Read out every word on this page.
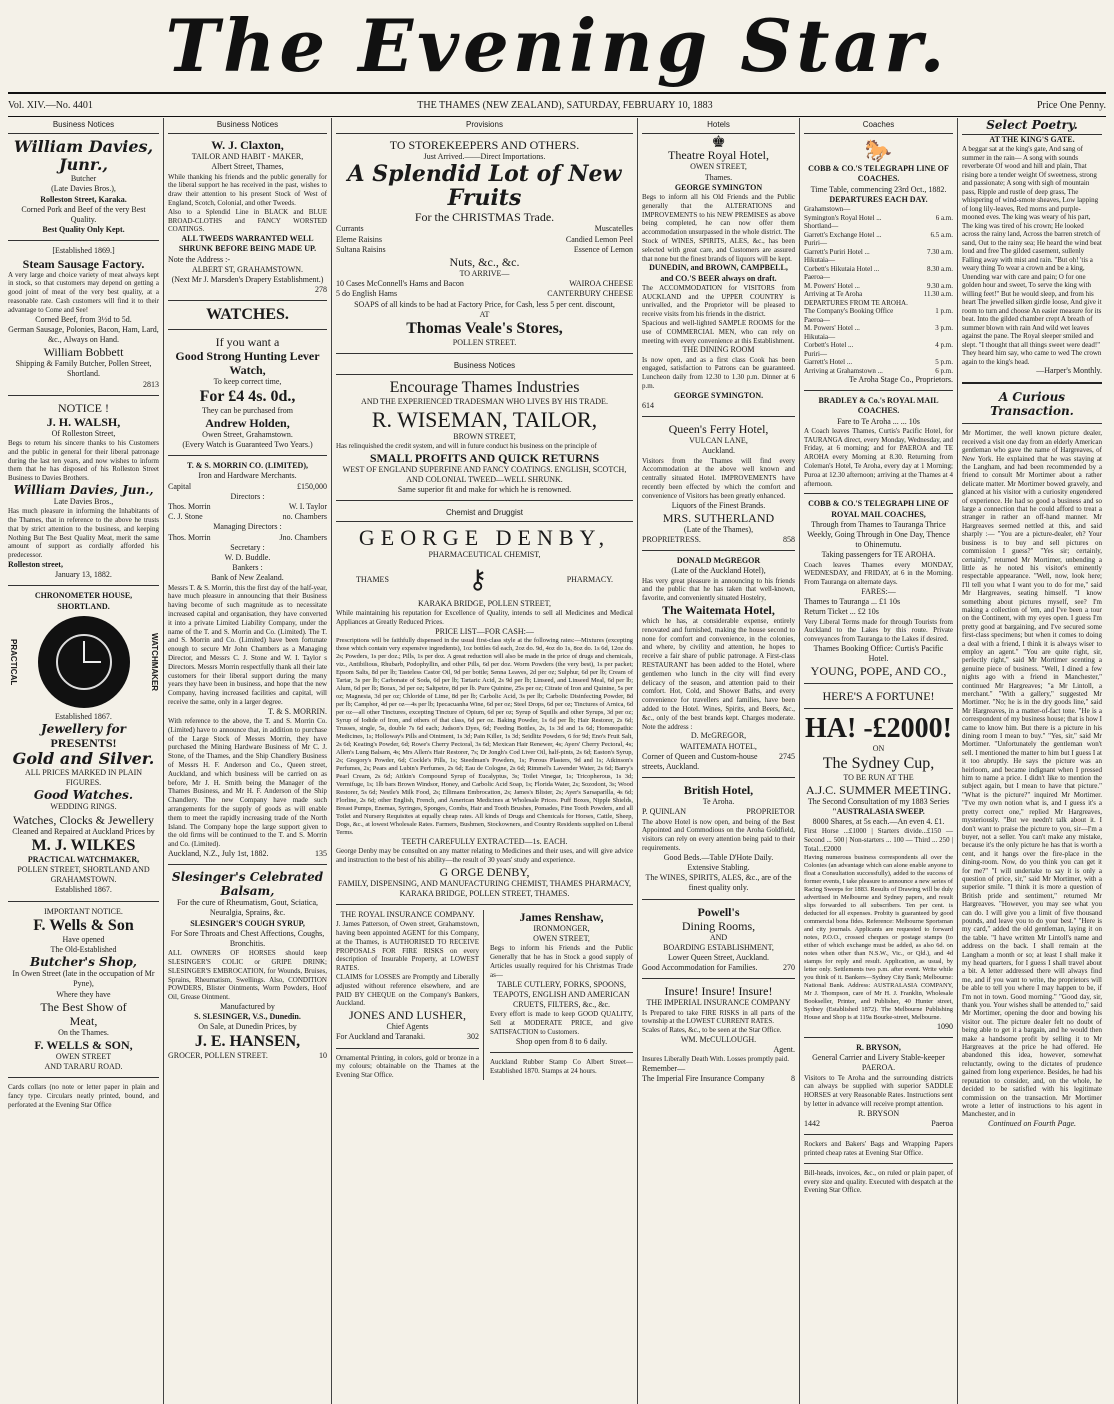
The Evening Star.
Vol. XIV.—No. 4401	THE THAMES (NEW ZEALAND), SATURDAY, FEBRUARY 10, 1883	Price One Penny.
Business Notices
William Davies, Junr.,
Butcher
(Late Davies Bros.),
Rolleston Street, Karaka.
Corned Pork and Beef of the very Best Quality.
Best Quality Only Kept.
[Established 1869.]
Steam Sausage Factory.
A very large and choice variety of meat always kept in stock, so that customers may depend on getting a good joint of meat of the very best quality, at a reasonable rate. Cash customers will find it to their advantage to Come and See!
Corned Beef, from 3½d to 5d.
German Sausage, Polonies, Bacon, Ham, Lard, &c., Always on Hand.
William Bobbett
Shipping & Family Butcher, Pollen Street, Shortland.
2813
NOTICE !
J. H. WALSH,
Of Rolleston Street,
Begs to return his sincere thanks to his Customers and the public in general for their liberal patronage during the last ten years, and now wishes to inform them that he has disposed of his Rolleston Street Business to Davies Brothers.
William Davies, Jun.,
Late Davies Bros.,
Has much pleasure in informing the Inhabitants of the Thames, that in reference to the above he trusts that by strict attention to the business, and keeping Nothing But The Best Quality Meat, merit the same amount of support as cordially afforded his predecessor.
Rolleston street,
January 13, 1882.
CHRONOMETER HOUSE,
SHORTLAND.
PRACTICAL	WATCHMAKER
Established 1867.
Jewellery for
PRESENTS!
Gold and Silver.
ALL PRICES MARKED IN PLAIN FIGURES.
Good Watches.
WEDDING RINGS.
Watches, Clocks & Jewellery
Cleaned and Repaired at Auckland Prices by
M. J. WILKES
PRACTICAL WATCHMAKER,
POLLEN STREET, SHORTLAND AND GRAHAMSTOWN.
Established 1867.
IMPORTANT NOTICE.
F. Wells & Son
Have opened
The Old-Established
Butcher's Shop,
In Owen Street (late in the occupation of Mr Pyne),
Where they have
The Best Show of
Meat,
On the Thames.
F. WELLS & SON,
OWEN STREET
AND TARARU ROAD.
Cards collars (no note or letter paper in plain and fancy type. Circulars neatly printed, bound, and perforated at the Evening Star Office
Business Notices
W. J. Claxton,
TAILOR AND HABIT - MAKER,
Albert Street, Thames,
While thanking his friends and the public generally for the liberal support he has received in the past, wishes to draw their attention to his present Stock of West of England, Scotch, Colonial, and other Tweeds.
Also to a Splendid Line in BLACK and BLUE BROAD-CLOTHS and FANCY WORSTED COATINGS.
ALL TWEEDS WARRANTED WELL SHRUNK BEFORE BEING MADE UP.
Note the Address :-
ALBERT ST, GRAHAMSTOWN.
(Next Mr J. Marsden's Drapery Establishment.)
278
WATCHES.
If you want a
Good Strong Hunting Lever Watch,
To keep correct time,
For £4 4s. 0d.,
They can be purchased from
Andrew Holden,
Owen Street, Grahamstown.
(Every Watch is Guaranteed Two Years.)
T. & S. MORRIN CO. (LIMITED),
Iron and Hardware Merchants.
Capital	£150,000
Directors :
Thos. Morrin	W. I. Taylor
C. J. Stone	no. Chambers
Managing Directors :
Thos. Morrin	Jno. Chambers
Secretary :
W. D. Buddle.
Bankers :
Bank of New Zealand.
Messrs T. & S. Morrin, this the first day of the half-year, have much pleasure in announcing that their Business having become of such magnitude as to necessitate increased capital and organisation, they have converted it into a private Limited Liability Company, under the name of the T. and S. Morrin and Co. (Limited). The T. and S. Morrin and Co. (Limited) have been fortunate enough to secure Mr John Chambers as a Managing Director, and Messrs C. J. Stone and W. I. Taylor s Directors. Messrs Morrin respectfully thank all their late customers for their liberal support during the many years they have been in business, and hope that the new Company, having increased facilities and capital, will receive the same, only in a larger degree.
T. & S. MORRIN.
With reference to the above, the T. and S. Morrin Co. (Limited) have to announce that, in addition to purchase of the Large Stock of Messrs Morrin, they have purchased the Mining Hardware Business of Mr C. J. Stone, of the Thames, and the Ship Chandlery Business of Messrs H. F. Anderson and Co., Queen street, Auckland, and which business will be carried on as before, Mr J. H. Smith being the Manager of the Thames Business, and Mr H. F. Anderson of the Ship Chandlery. The new Company have made such arrangements for the supply of goods as will enable them to meet the rapidly increasing trade of the North Island. The Company hope the large support given to the old firms will be continued to the T. and S. Morrin and Co. (Limited).
Auckland, N.Z., July 1st, 1882.	135
Slesinger's Celebrated Balsam,
For the cure of Rheumatism, Gout, Sciatica, Neuralgia, Sprains, &c.
SLESINGER'S COUGH SYRUP,
For Sore Throats and Chest Affections, Coughs, Bronchitis.
ALL OWNERS OF HORSES should keep SLESINGER'S COLIC or GRIPE DRINK; SLESINGER'S EMBROCATION, for Wounds, Bruises, Sprains, Rheumatism, Swellings. Also, CONDITION POWDERS, Blister Ointments, Worm Powders, Hoof Oil, Grease Ointment.
Manufactured by
S. SLESINGER, V.S., Dunedin.
On Sale, at Dunedin Prices, by
J. E. HANSEN,
GROCER, POLLEN STREET.	10
Provisions
TO STOREKEEPERS AND OTHERS.
Just Arrived.——Direct Importations.
A Splendid Lot of New Fruits
For the CHRISTMAS Trade.
Currants	Muscatelles
Eleme Raisins	Candied Lemon Peel
Sultana Raisins	Essence of Lemon
Nuts, &c., &c.
TO ARRIVE—
10 Cases McConnell's Hams and Bacon	WAIROA CHEESE
5 do English Hams	CANTERBURY CHEESE
SOAPS of all kinds to be had at Factory Price, for Cash, less 5 per cent. discount,
AT
Thomas Veale's Stores,
POLLEN STREET.
Business Notices
Encourage Thames Industries
AND THE EXPERIENCED TRADESMAN WHO LIVES BY HIS TRADE.
R. WISEMAN, TAILOR,
BROWN STREET,
Has relinquished the credit system, and will in future conduct his business on the principle of
SMALL PROFITS AND QUICK RETURNS
WEST OF ENGLAND SUPERFINE AND FANCY COATINGS. ENGLISH, SCOTCH, AND COLONIAL TWEED—WELL SHRUNK.
Same superior fit and make for which he is renowned.
Chemist and Druggist
GEORGE DENBY,
PHARMACEUTICAL CHEMIST,
THAMES	⚷	PHARMACY.
KARAKA BRIDGE, POLLEN STREET,
While maintaining his reputation for Excellence of Quality, intends to sell all Medicines and Medical Appliances at Greatly Reduced Prices.
PRICE LIST—FOR CASH:—
Prescriptions will be faithfully dispensed in the usual first-class style at the following rates:—Mixtures (excepting those which contain very expensive ingredients), 1oz bottles 6d each, 2oz do. 9d, 4oz do 1s, 8oz do. 1s 6d, 12oz do. 2s; Powders, 1s per doz.; Pills, 1s per doz. A great reduction will also be made in the price of drugs and chemicals, viz., Antibilious, Rhubarb, Podophyllin, and other Pills, 6d per doz. Worm Powders (the very best), 1s per packet; Epsom Salts, 8d per lb; Tasteless Castor Oil, 9d per bottle; Senna Leaves, 2d per oz; Sulphur, 6d per lb; Cream of Tartar, 3s per lb; Carbonate of Soda, 6d per lb; Tartaric Acid, 2s 9d per lb; Linseed, and Linseed Meal, 6d per lb; Alum, 6d per lb; Borax, 3d per oz; Saltpetre, 8d per lb. Pure Quinine, 25s per oz; Citrate of Iron and Quinine, 5s per oz; Magnesia, 3d per oz; Chloride of Lime, 8d per lb; Carbolic Acid, 3s per lb; Carbolic Disinfecting Powder, 8d per lb; Camphor, 4d per oz—4s per lb; Ipecacuanha Wine, 6d per oz; Steel Drops, 6d per oz; Tinctures of Arnica, 6d per oz—all other Tinctures, excepting Tincture of Opium, 6d per oz; Syrup of Squills and other Syrups, 3d per oz; Syrup of Iodide of Iron, and others of that class, 6d per oz. Baking Powder, 1s 6d per lb; Hair Restorer, 2s 6d; Trusses, single, 5s, double 7s 6d each; Judson's Dyes, 6d; Feeding Bottles, 2s, 1s 3d and 1s 6d; Homœopathic Medicines, 1s; Holloway's Pills and Ointment, 1s 3d; Pain Killer, 1s 3d; Seidlitz Powders, 6 for 9d; Eno's Fruit Salt, 2s 6d; Keating's Powder, 6d; Rowe's Cherry Pectoral, 3s 6d; Mexican Hair Renewer, 4s; Ayers' Cherry Pectoral, 4s; Allen's Lung Balsam, 4s; Mrs Allen's Hair Restorer, 7s; Dr Jongh's Cod Liver Oil, half-pints, 2s 6d; Easton's Syrup, 2s; Gregory's Powder, 6d; Cockle's Pills, 1s; Steedman's Powders, 1s; Porous Plasters, 9d and 1s; Atkinson's Perfumes, 2s; Pears and Lubin's Perfumes, 2s 6d; Eau de Cologne, 2s 6d; Rimmel's Lavender Water, 2s 6d; Barry's Pearl Cream, 2s 6d; Aitkin's Compound Syrup of Eucalyptus, 3s; Toilet Vinegar, 1s; Tricopherous, 1s 3d; Vermifuge, 1s; 1lb bars Brown Windsor, Honey, and Carbolic Acid Soap, 1s; Florida Water, 2s; Sozodont, 3s; Wood Restorer, 5s 6d; Nestle's Milk Food, 2s; Ellimans Embrocation, 2s; James's Blister, 2s; Ayer's Sarsaparilla, 4s 6d; Florline, 2s 6d; other English, French, and American Medicines at Wholesale Prices. Puff Boxes, Nipple Shields, Breast Pumps, Enemas, Syringes, Sponges, Combs, Hair and Tooth Brushes, Pomades, Fine Tooth Powders, and all Toilet and Nursery Requisites at equally cheap rates. All kinds of Drugs and Chemicals for Horses, Cattle, Sheep, Dogs, &c., at lowest Wholesale Rates. Farmers, Bushmen, Stockowners, and Country Residents supplied on Liberal Terms.
TEETH CAREFULLY EXTRACTED—1s. EACH.
George Denby may be consulted on any matter relating to Medicines and their uses, and will give advice and instruction to the best of his ability—the result of 30 years' study and experience.
G ORGE DENBY,
FAMILY, DISPENSING, AND MANUFACTURING CHEMIST, THAMES PHARMACY,
KARAKA BRIDGE, POLLEN STREET, THAMES.
THE ROYAL INSURANCE COMPANY.
J. James Patterson, of Owen street, Grahamstown, having been appointed AGENT for this Company, at the Thames, is AUTHORISED TO RECEIVE PROPOSALS FOR FIRE RISKS on every description of Insurable Property, at LOWEST RATES.
CLAIMS for LOSSES are Promptly and Liberally adjusted without reference elsewhere, and are PAID BY CHEQUE on the Company's Bankers, Auckland.
JONES AND LUSHER,
Chief Agents
For Auckland and Taranaki.	302
Ornamental Printing, in colors, gold or bronze in a my colours; obtainable on the Thames at the Evening Star Office.
James Renshaw,
IRONMONGER,
OWEN STREET,
Begs to inform his Friends and the Public Generally that he has in Stock a good supply of Articles usually required for his Christmas Trade as—
TABLE CUTLERY, FORKS, SPOONS, TEAPOTS, ENGLISH AND AMERICAN CRUETS, FILTERS, &c., &c.
Every effort is made to keep GOOD QUALITY, Sell at MODERATE PRICE, and give SATISFACTION to Customers.
Shop open from 8 to 6 daily.
Auckland Rubber Stamp Co Albert Street— Established 1870. Stamps at 24 hours.
Hotels
♚
Theatre Royal Hotel,
OWEN STREET,
Thames.
GEORGE SYMINGTON
Begs to inform all his Old Friends and the Public generally that the ALTERATIONS and IMPROVEMENTS to his NEW PREMISES as above being completed, he can now offer them accommodation unsurpassed in the whole district. The Stock of WINES, SPIRITS, ALES, &c., has been selected with great care, and Customers are assured that none but the finest brands of liquors will be kept.
DUNEDIN, and BROWN, CAMPBELL, and CO.'S BEER always on draft.
The ACCOMMODATION for VISITORS from AUCKLAND and the UPPER COUNTRY is unrivalled, and the Proprietor will be pleased to receive visits from his friends in the district.
Spacious and well-lighted SAMPLE ROOMS for the use of COMMERCIAL MEN, who can rely on meeting with every convenience at this Establishment.
THE DINING ROOM
Is now open, and as a first class Cook has been engaged, satisfaction to Patrons can be guaranteed. Luncheon daily from 12.30 to 1.30 p.m. Dinner at 6 p.m.
GEORGE SYMINGTON.
614
Queen's Ferry Hotel,
VULCAN LANE,
Auckland.
Visitors from the Thames will find every Accommodation at the above well known and centrally situated Hotel. IMPROVEMENTS have recently been effected by which the comfort and convenience of Visitors has been greatly enhanced.
Liquors of the Finest Brands.
MRS. SUTHERLAND
(Late of the Thames),
PROPRIETRESS.	858
DONALD McGREGOR
(Late of the Auckland Hotel),
Has very great pleasure in announcing to his friends and the public that he has taken that well-known, favorite, and conveniently situated Hostelry,
The Waitemata Hotel,
which he has, at considerable expense, entirely renovated and furnished, making the house second to none for comfort and convenience, in the colonies, and where, by civility and attention, he hopes to receive a fair share of public patronage. A First-class RESTAURANT has been added to the Hotel, where gentlemen who lunch in the city will find every delicacy of the season, and attention paid to their comfort. Hot, Cold, and Shower Baths, and every convenience for travellers and families, have been added to the Hotel. Wines, Spirits, and Beers, &c., &c., only of the best brands kept. Charges moderate. Note the address :
D. McGREGOR,
WAITEMATA HOTEL,
Corner of Queen and Custom-house streets, Auckland.
2745
British Hotel,
Te Aroha.
P. QUINLAN	PROPRIETOR
The above Hotel is now open, and being of the Best Appointed and Commodious on the Aroha Goldfield, visitors can rely on every attention being paid to their requirements.
Good Beds.—Table D'Hote Daily.
Extensive Stabling.
The WINES, SPIRITS, ALES, &c., are of the finest quality only.
Powell's
Dining Rooms,
AND
BOARDING ESTABLISHMENT,
Lower Queen Street, Auckland.
Good Accommodation for Families.	270
Insure! Insure! Insure!
THE IMPERIAL INSURANCE COMPANY
Is Prepared to take FIRE RISKS in all parts of the township at the LOWEST CURRENT RATES.
Scales of Rates, &c., to be seen at the Star Office.
WM. McCULLOUGH.
Agent.
Insures Liberally Death With. Losses promptly paid.
Remember—
The Imperial Fire Insurance Company	8
Coaches
🐎
COBB & CO.'S TELEGRAPH LINE OF COACHES.
Time Table, commencing 23rd Oct., 1882.
DEPARTURES EACH DAY.
Grahamstown—	
Symington's Royal Hotel ...	6 a.m.
Shortland—	
Garrett's Exchange Hotel ...	6.5 a.m.
Puriri—	
Garrett's Puriri Hotel ...	7.30 a.m.
Hikutaia—	
Corbett's Hikutaia Hotel ...	8.30 a.m.
Paeroa—	
M. Powers' Hotel ...	9.30 a.m.
Arriving at Te Aroha	11.30 a.m.
DEPARTURES FROM TE AROHA.	
The Company's Booking Office	1 p.m.
Paeroa—	
M. Powers' Hotel ...	3 p.m.
Hikutaia—	
Corbett's Hotel ...	4 p.m.
Puriri—	
Garrett's Hotel ...	5 p.m.
Arriving at Grahamstown ...	6 p.m.
Te Aroha Stage Co., Proprietors.
BRADLEY & Co.'s ROYAL MAIL COACHES.
Fare to Te Aroha ... ... 10s
A Coach leaves Thames, Curtis's Pacific Hotel, for TAURANGA direct, every Monday, Wednesday, and Friday, at 6 morning; and for PAEROA and TE AROHA every Morning at 8.30. Returning from Coleman's Hotel, Te Aroha, every day at 1 Morning; Puroa at 12.30 afternoon; arriving at the Thames at 4 afternoon.
COBB & CO.'S TELEGRAPH LINE OF ROYAL MAIL COACHES,
Through from Thames to Tauranga Thrice Weekly, Going Through in One Day, Thence to Ohinemutu.
Taking passengers for TE AROHA.
Coach leaves Thames every MONDAY, WEDNESDAY, and FRIDAY, at 6 in the Morning. From Tauranga on alternate days.
FARES:—
Thames to Tauranga ... £1 10s
Return Ticket ... £2 10s
Very Liberal Terms made for through Tourists from Auckland to the Lakes by this route. Private conveyances from Tauranga to the Lakes if desired.
Thames Booking Office: Curtis's Pacific Hotel.
YOUNG, POPE, AND CO.,
HERE'S A FORTUNE!
HA! -£2000!
ON
The Sydney Cup,
TO BE RUN AT THE
A.J.C. SUMMER MEETING.
The Second Consultation of my 1883 Series
"AUSTRALASIA SWEEP.
8000 Shares, at 5s each.—An even 4. £1.
First Horse ...£1000 | Starters divide...£150 — Second ... 500 | Non-starters ... 100 — Third ... 250 | Total...£2000
Having numerous business correspondents all over the Colonies (an advantage which can alone enable anyone to float a Consultation successfully), added to the success of former events, I take pleasure to announce a new series of Racing Sweeps for 1883. Results of Drawing will be duly advertised in Melbourne and Sydney papers, and result slips forwarded to all subscribers. Ten per cent. is deducted for all expenses. Probity is guaranteed by good commercial bona fides. Reference: Melbourne Sportsman and city journals. Applicants are requested to forward notes, P.O.O., crossed cheques or postage stamps (to either of which exchange must be added, as also 6d. on notes when other than N.S.W., Vic., or Qld.), and 4d stamps for reply and result. Application, as usual, by letter only. Settlements two p.m. after event. Write while you think of it. Bankers—Sydney City Bank; Melbourne: National Bank. Address: AUSTRALASIA COMPANY, Mr J. Thompson, care of Mr H. J. Franklin, Wholesale Bookseller, Printer, and Publisher, 40 Hunter street, Sydney (Established 1872). The Melbourne Publishing House and Shop is at 119a Bourke-street, Melbourne.
1090
R. BRYSON,
General Carrier and Livery Stable-keeper PAEROA.
Visitors to Te Aroha and the surrounding districts can always be supplied with superior SADDLE HORSES at very Reasonable Rates. Instructions sent by letter in advance will receive prompt attention.
R. BRYSON
1442	Paeroa
Rockers and Bakers' Bags and Wrapping Papers printed cheap rates at Evening Star Office.
Bill-heads, invoices, &c., on ruled or plain paper, of every size and quality. Executed with despatch at the Evening Star Office.
Select Poetry.
AT THE KING'S GATE.
A beggar sat at the king's gate, And sang of summer in the rain— A song with sounds reverberate Of wood and hill and plain, That rising bore a tender weight Of sweetness, strong and passionate; A song with sigh of mountain pass, Ripple and rustle of deep grass, The whispering of wind-smote sheaves, Low lapping of long lily-leaves, Red morns and purple-mooned eves. The king was weary of his part, The king was tired of his crown; He looked across the rainy land, Across the barren stretch of sand, Out to the rainy sea; He heard the wind beat loud and free The gilded casement, sullenly Falling away with mist and rain. "But oh! 'tis a weary thing To wear a crown and be a king, Unending war with care and pain; O for one golden hour and sweet, To serve the king with willing feet!" But he would sleep, and from his heart The jewelled silken girdle loose, And give it room to turn and choose An easier measure for its beat. Into the gilded chamber crept A breath of summer blown with rain And wild wet leaves against the pane. The Royal sleeper smiled and slept. "I thought that all things sweet were dead!" They heard him say, who came to wed The crown again to the king's head.
—Harper's Monthly.
A Curious Transaction.
Mr Mortimer, the well known picture dealer, received a visit one day from an elderly American gentleman who gave the name of Hargreaves, of New York. He explained that he was staying at the Langham, and had been recommended by a friend to consult Mr Mortimer about a rather delicate matter. Mr Mortimer bowed gravely, and glanced at his visitor with a curiosity engendered of experience. He had so good a business and so large a connection that he could afford to treat a stranger in rather an off-hand manner. Mr Hargreaves seemed nettled at this, and said sharply :— "You are a picture-dealer, eh? Your business is to buy and sell pictures on commission I guess?" "Yes sir; certainly, certainly," returned Mr Mortimer, unbending a little as he noted his visitor's eminently respectable appearance. "Well, now, look here; I'll tell you what I want you to do for me," said Mr Hargreaves, seating himself. "I know something about pictures myself, see? I'm making a collection of 'em, and I've been a tour on the Continent, with my eyes open. I guess I'm pretty good at bargaining, and I've secured some first-class specimens; but when it comes to doing a deal with a friend, I think it is always wiser to employ an agent." "You are quite right, sir, perfectly right," said Mr Mortimer scenting a genuine piece of business. "Well, I dined a few nights ago with a friend in Manchester," continued Mr Hargreaves; "a Mr Lintoll, a merchant." "With a gallery," suggested Mr Mortimer. "No; he is in the dry goods line," said Mr Hargreaves, in a matter-of-fact tone. "He is a correspondent of my business house; that is how I came to know him. But there is a picture in his dining room I mean to buy." "Yes, sir," said Mr Mortimer. "Unfortunately the gentleman won't sell. I mentioned the matter to him but I guess I at it too abruptly. He says the picture was an heirloom, and became indignant when I pressed him to name a price. I didn't like to mention the subject again, but I mean to have that picture." "What is the picture?" inquired Mr Mortimer. "I've my own notion what is, and I guess it's a pretty correct one," replied Mr Hargreaves, mysteriously. "But we needn't talk about it. I don't want to praise the picture to you, sir—I'm a buyer, not a seller. You can't make any mistake, because it's the only picture he has that is worth a cent, and it hangs over the fire-place in the dining-room. Now, do you think you can get it for me?" "I will undertake to say it is only a question of price, sir," said Mr Mortimer, with a superior smile. "I think it is more a question of British pride and sentiment," returned Mr Hargreaves. "However, you may see what you can do. I will give you a limit of five thousand pounds, and leave you to do your best." "Here is my card," added the old gentleman, laying it on the table. "I have written Mr Lintoll's name and address on the back. I shall remain at the Langham a month or so; at least I shall make it my head quarters, for I guess I shall travel about a bit. A letter addressed there will always find me, and if you want to write, the proprietors will be able to tell you where I may happen to be, if I'm not in town. Good morning." "Good day, sir, thank you. Your wishes shall be attended to," said Mr Mortimer, opening the door and bowing his visitor out. The picture dealer felt no doubt of being able to get it a bargain, and he would then make a handsome profit by selling it to Mr Hargreaves at the price he had offered. He abandoned this idea, however, somewhat reluctantly, owing to the dictates of prudence gained from long experience. Besides, he had his reputation to consider, and, on the whole, he decided to be satisfied with his legitimate commission on the transaction. Mr Mortimer wrote a letter of instructions to his agent in Manchester, and in
Continued on Fourth Page.
